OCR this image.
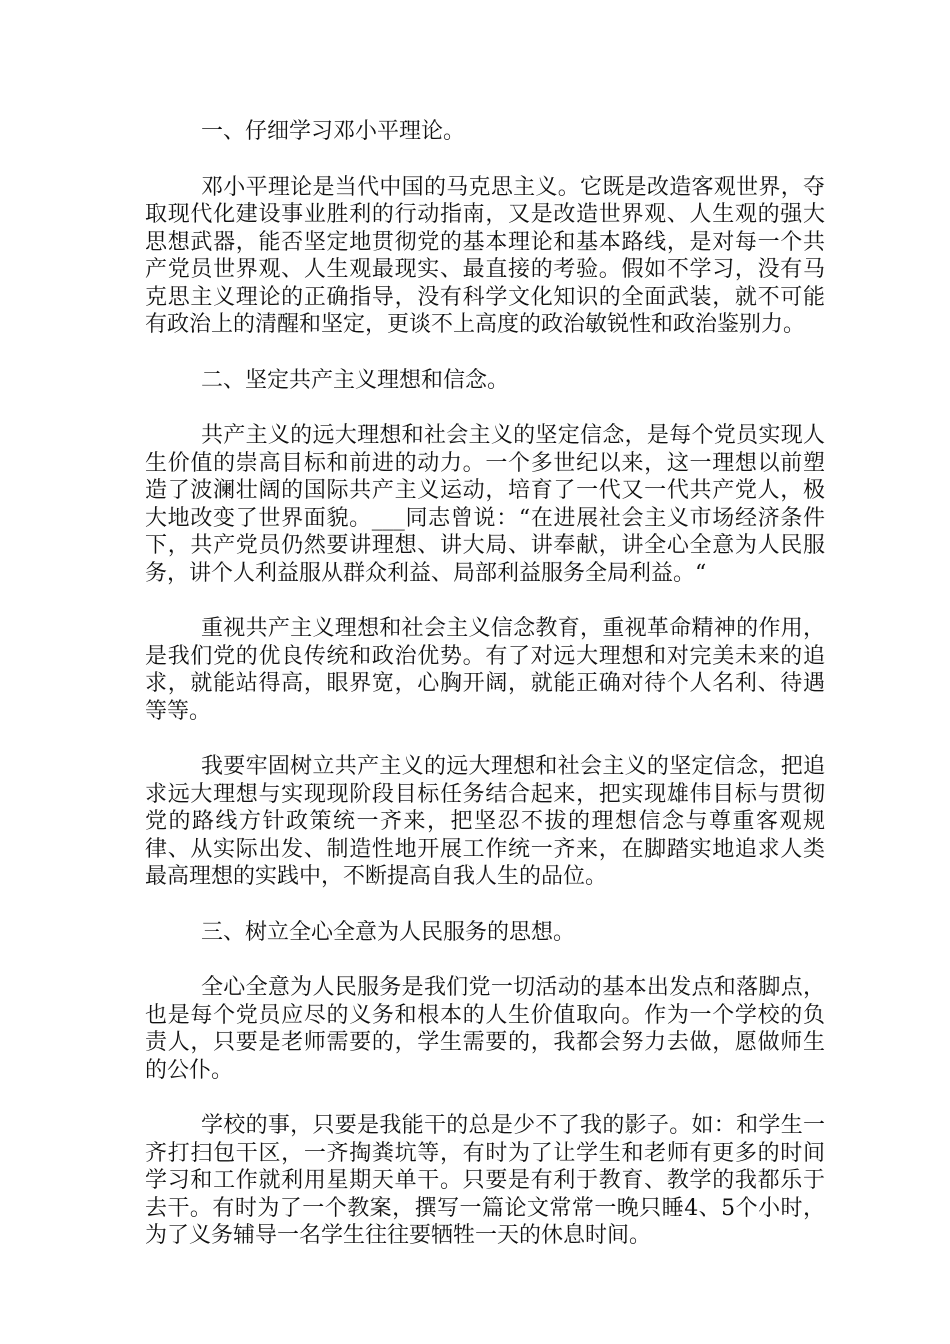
一、仔细学习邓小平理论。

邓小平理论是当代中国的马克思主义。它既是改造客观世界，夺取现代化建设事业胜利的行动指南，又是改造世界观、人生观的强大思想武器，能否坚定地贯彻党的基本理论和基本路线，是对每一个共产党员世界观、人生观最现实、最直接的考验。假如不学习，没有马克思主义理论的正确指导，没有科学文化知识的全面武装，就不可能有政治上的清醒和坚定，更谈不上高度的政治敏锐性和政治鉴别力。

二、坚定共产主义理想和信念。

共产主义的远大理想和社会主义的坚定信念，是每个党员实现人生价值的崇高目标和前进的动力。一个多世纪以来，这一理想以前塑造了波澜壮阔的国际共产主义运动，培育了一代又一代共产党人，极大地改变了世界面貌。___同志曾说：“在进展社会主义市场经济条件下，共产党员仍然要讲理想、讲大局、讲奉献，讲全心全意为人民服务，讲个人利益服从群众利益、局部利益服务全局利益。“

重视共产主义理想和社会主义信念教育，重视革命精神的作用，是我们党的优良传统和政治优势。有了对远大理想和对完美未来的追求，就能站得高，眼界宽，心胸开阔，就能正确对待个人名利、待遇等等。

我要牢固树立共产主义的远大理想和社会主义的坚定信念，把追求远大理想与实现现阶段目标任务结合起来，把实现雄伟目标与贯彻党的路线方针政策统一齐来，把坚忍不拔的理想信念与尊重客观规律、从实际出发、制造性地开展工作统一齐来，在脚踏实地追求人类最高理想的实践中，不断提高自我人生的品位。

三、树立全心全意为人民服务的思想。

全心全意为人民服务是我们党一切活动的基本出发点和落脚点，也是每个党员应尽的义务和根本的人生价值取向。作为一个学校的负责人，只要是老师需要的，学生需要的，我都会努力去做，愿做师生的公仆。

学校的事，只要是我能干的总是少不了我的影子。如：和学生一齐打扫包干区，一齐掏粪坑等，有时为了让学生和老师有更多的时间学习和工作就利用星期天单干。只要是有利于教育、教学的我都乐于去干。有时为了一个教案，撰写一篇论文常常一晚只睡4、5个小时，为了义务辅导一名学生往往要牺牲一天的休息时间。
